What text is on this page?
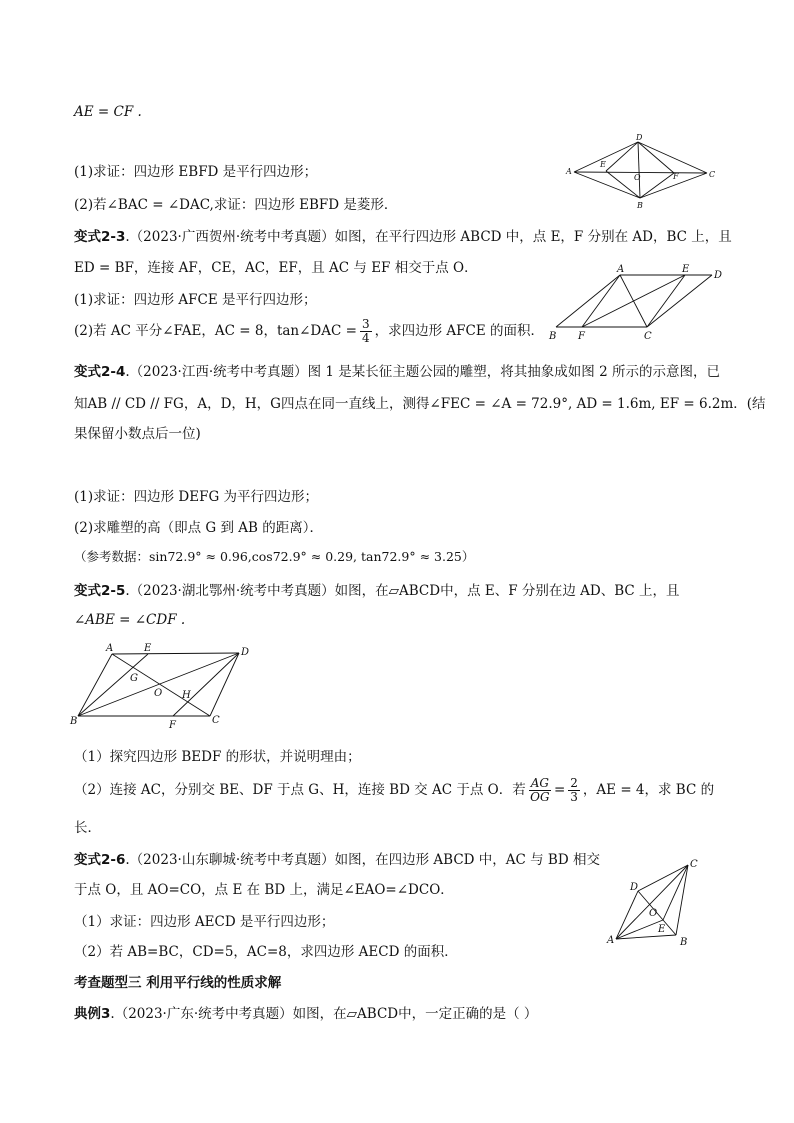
AE = CF .
(1)求证：四边形 EBFD 是平行四边形；
(2)若∠BAC = ∠DAC,求证：四边形 EBFD 是菱形．
变式2-3.（2023·广西贺州·统考中考真题）如图，在平行四边形 ABCD 中，点 E，F 分别在 AD，BC 上，且
ED = BF，连接 AF，CE，AC，EF，且 AC 与 EF 相交于点 O．
(1)求证：四边形 AFCE 是平行四边形；
(2)若 AC 平分∠FAE，AC = 8，tan∠DAC = $\frac{3}{4}$ ，求四边形 AFCE 的面积．
变式2-4.（2023·江西·统考中考真题）图 1 是某长征主题公园的雕塑，将其抽象成如图 2 所示的示意图，已
知AB // CD // FG，A，D，H，G四点在同一直线上，测得∠FEC = ∠A = 72.9°, AD = 1.6m, EF = 6.2m．(结
果保留小数点后一位)
(1)求证：四边形 DEFG 为平行四边形；
(2)求雕塑的高（即点 G 到 AB 的距离）．
（参考数据：sin72.9° ≈ 0.96,cos72.9° ≈ 0.29, tan72.9° ≈ 3.25）
变式2-5.（2023·湖北鄂州·统考中考真题）如图，在▱ABCD中，点 E、F 分别在边 AD、BC 上，且
∠ABE = ∠CDF .
（1）探究四边形 BEDF 的形状，并说明理由；
（2）连接 AC，分别交 BE、DF 于点 G、H，连接 BD 交 AC 于点 O．若 $\frac{AG}{OG} = \frac{2}{3}$ ，AE = 4，求 BC 的
长．
变式2-6.（2023·山东聊城·统考中考真题）如图，在四边形 ABCD 中，AC 与 BD 相交
于点 O，且 AO=CO，点 E 在 BD 上，满足∠EAO=∠DCO．
（1）求证：四边形 AECD 是平行四边形；
（2）若 AB=BC，CD=5，AC=8，求四边形 AECD 的面积．
考查题型三 利用平行线的性质求解
典例3.（2023·广东·统考中考真题）如图，在▱ABCD中，一定正确的是（ ）
A
D
C
B
E
F
O
A	E
D
B F	C
A	E	D
B	F	C
G
H
O
A
D
C
B
E
O
